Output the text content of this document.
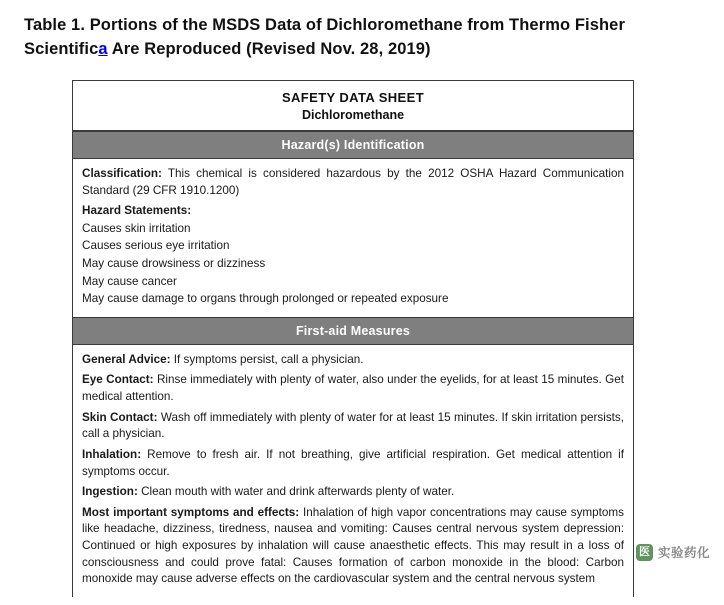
Table 1. Portions of the MSDS Data of Dichloromethane from Thermo Fisher Scientifica Are Reproduced (Revised Nov. 28, 2019)
SAFETY DATA SHEET
Dichloromethane
Hazard(s) Identification

Classification: This chemical is considered hazardous by the 2012 OSHA Hazard Communication Standard (29 CFR 1910.1200)

Hazard Statements:

Causes skin irritation

Causes serious eye irritation

May cause drowsiness or dizziness

May cause cancer

May cause damage to organs through prolonged or repeated exposure

First-aid Measures

General Advice: If symptoms persist, call a physician.

Eye Contact: Rinse immediately with plenty of water, also under the eyelids, for at least 15 minutes. Get medical attention.

Skin Contact: Wash off immediately with plenty of water for at least 15 minutes. If skin irritation persists, call a physician.

Inhalation: Remove to fresh air. If not breathing, give artificial respiration. Get medical attention if symptoms occur.

Ingestion: Clean mouth with water and drink afterwards plenty of water.

Most important symptoms and effects: Inhalation of high vapor concentrations may cause symptoms like headache, dizziness, tiredness, nausea and vomiting: Causes central nervous system depression: Continued or high exposures by inhalation will cause anaesthetic effects. This may result in a loss of consciousness and could prove fatal: Causes formation of carbon monoxide in the blood: Carbon monoxide may cause adverse effects on the cardiovascular system and the central nervous system

医 实验药化
